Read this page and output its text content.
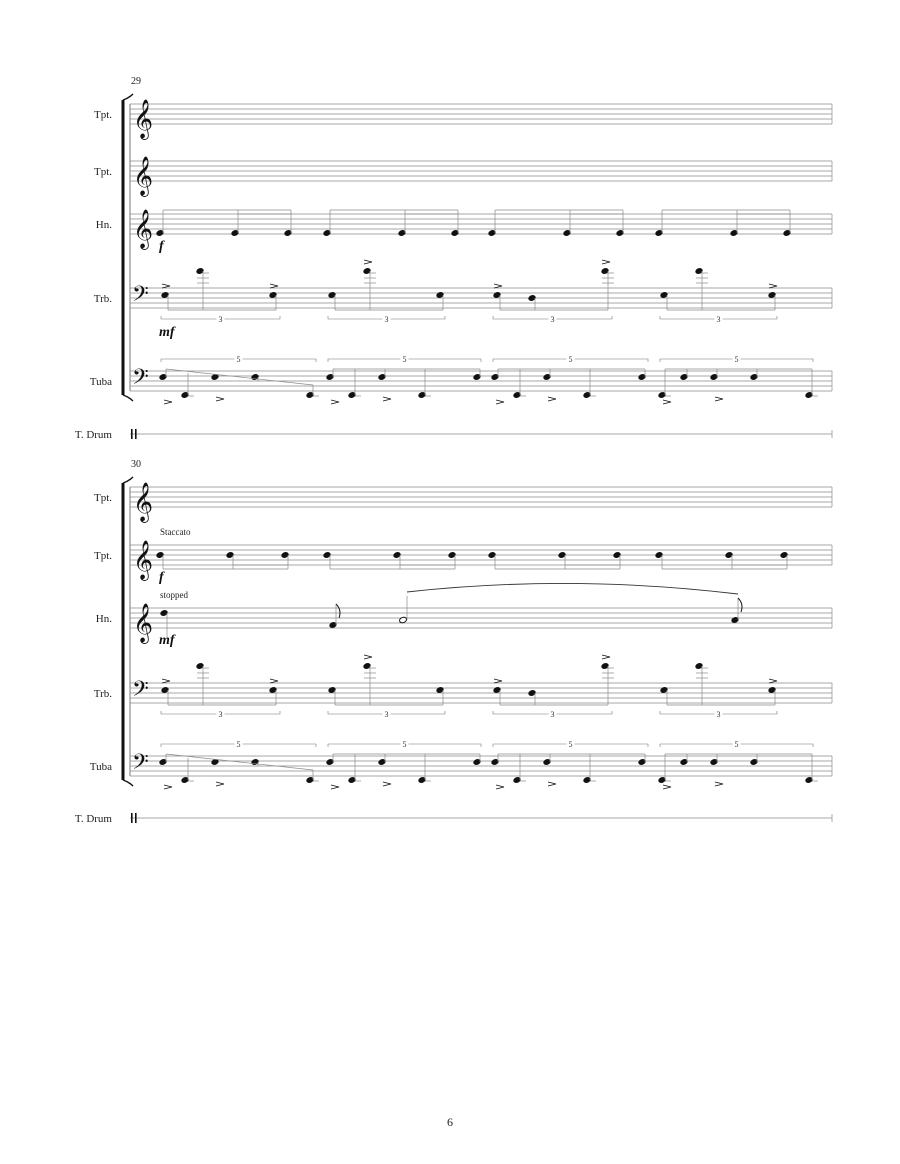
29
Tpt. 𝄞
Tpt. 𝄞
Hn. 𝄞 f
Trb. 𝄢
3	3	3	3
mf
Tuba 𝄢
5	5	5	5
T. Drum
30
Tpt. 𝄞
Tpt. 𝄞 f
Staccato
Hn. 𝄞 mf
stopped
Trb. 𝄢
3	3	3	3
Tuba 𝄢
5	5	5	5
T. Drum
6
